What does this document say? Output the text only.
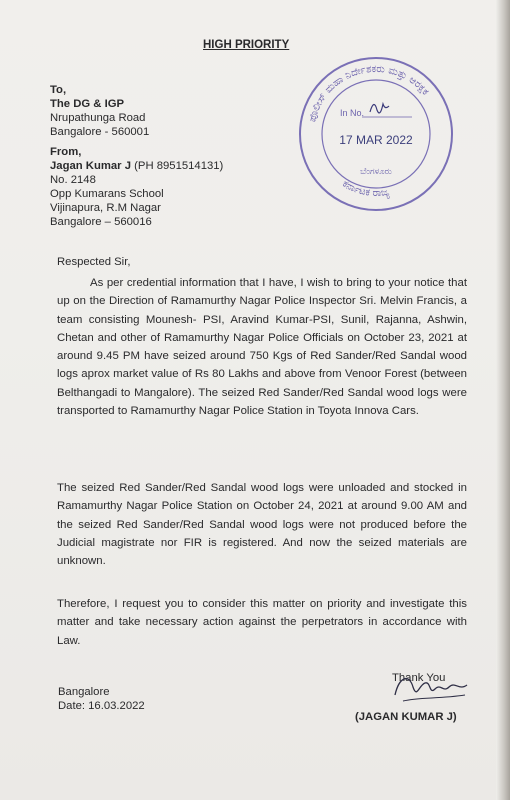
HIGH PRIORITY
To,
The DG & IGP
Nrupathunga Road
Bangalore - 560001
From,
Jagan Kumar J (PH 8951514131)
No. 2148
Opp Kumarans School
Vijinapura, R.M Nagar
Bangalore – 560016
ಪೊಲೀಸ್ ಮಹಾ ನಿರ್ದೇಶಕರು ಮತ್ತು ಆರಕ್ಷಕ
ಕರ್ನಾಟಕ ರಾಜ್ಯ
In No.
17 MAR 2022
ಬೆಂಗಳೂರು
Respected Sir,
As per credential information that I have, I wish to bring to your notice that up on the Direction of Ramamurthy Nagar Police Inspector Sri. Melvin Francis, a team consisting Mounesh- PSI, Aravind Kumar-PSI, Sunil, Rajanna, Ashwin, Chetan and other of Ramamurthy Nagar Police Officials on October 23, 2021 at around 9.45 PM have seized around 750 Kgs of Red Sander/Red Sandal wood logs aprox market value of Rs 80 Lakhs and above from Venoor Forest (between Belthangadi to Mangalore). The seized Red Sander/Red Sandal wood logs were transported to Ramamurthy Nagar Police Station in Toyota Innova Cars.
The seized Red Sander/Red Sandal wood logs were unloaded and stocked in Ramamurthy Nagar Police Station on October 24, 2021 at around 9.00 AM and the seized Red Sander/Red Sandal wood logs were not produced before the Judicial magistrate nor FIR is registered. And now the seized materials are unknown.
Therefore, I request you to consider this matter on priority and investigate this matter and take necessary action against the perpetrators in accordance with Law.
Thank You
(JAGAN KUMAR J)
Bangalore
Date: 16.03.2022
